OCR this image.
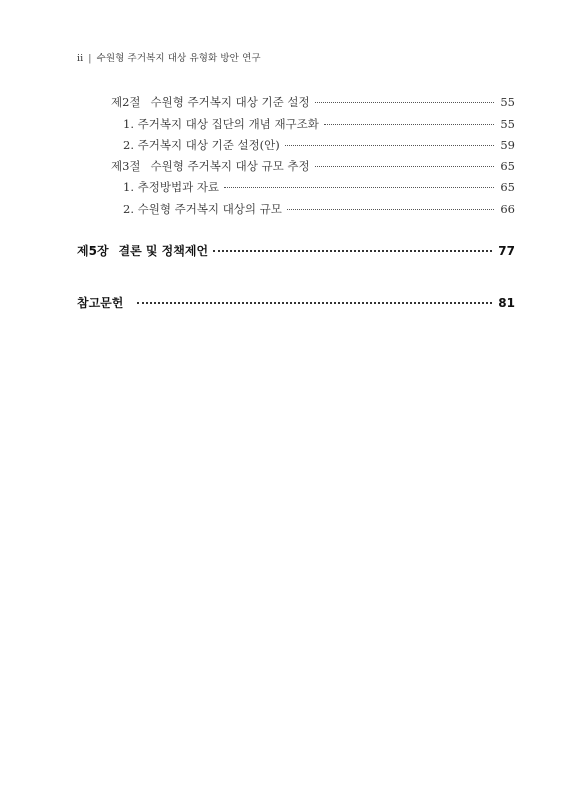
ii | 수원형 주거복지 대상 유형화 방안 연구
제2절 수원형 주거복지 대상 기준 설정	55
1. 주거복지 대상 집단의 개념 재구조화	55
2. 주거복지 대상 기준 설정(안)	59
제3절 수원형 주거복지 대상 규모 추정	65
1. 추정방법과 자료	65
2. 수원형 주거복지 대상의 규모	66
제5장 결론 및 정책제언	77
참고문헌	81
